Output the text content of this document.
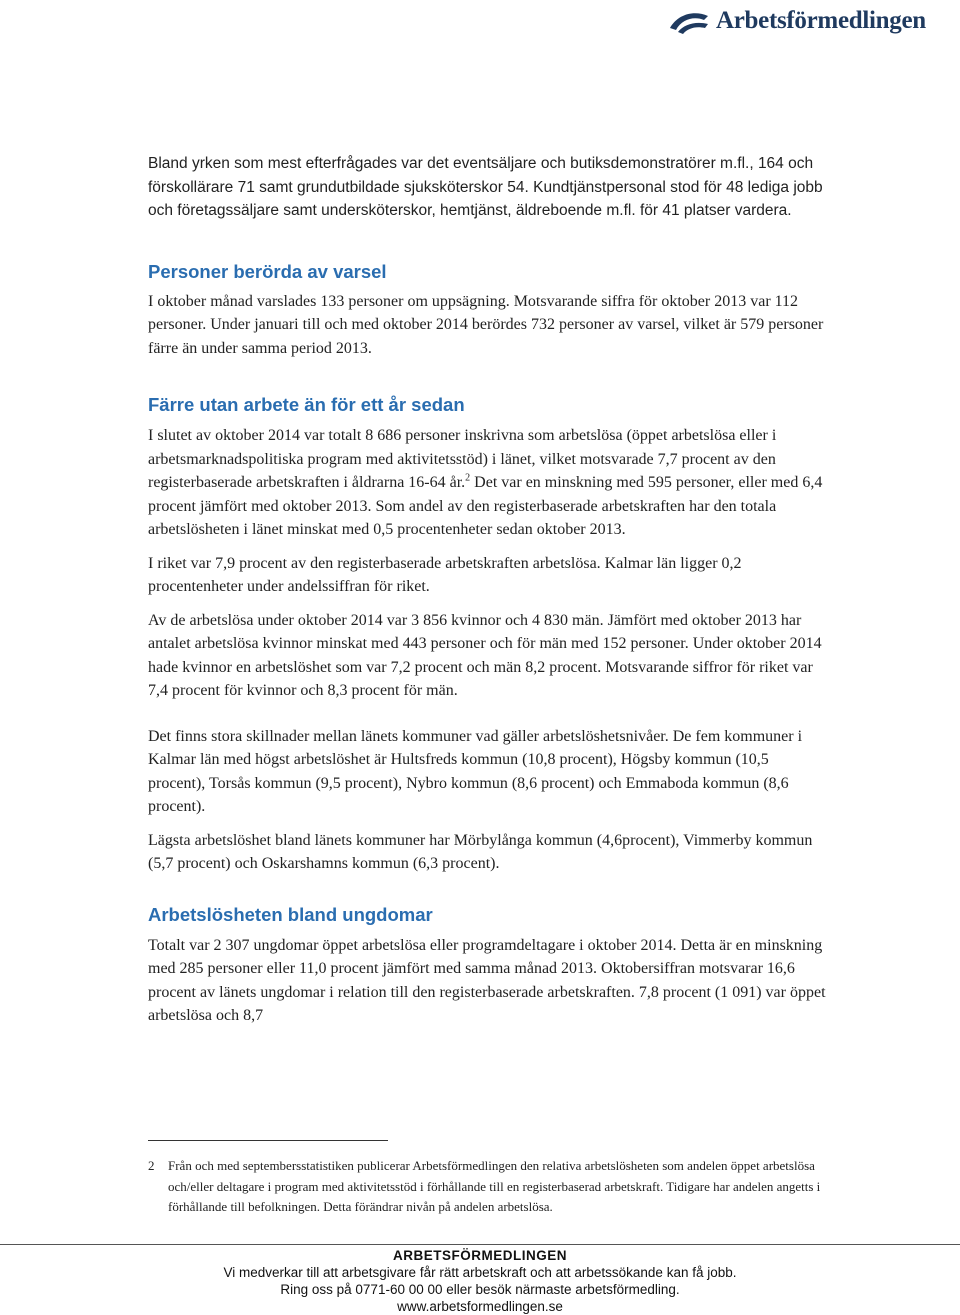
Arbetsförmedlingen

Bland yrken som mest efterfrågades var det eventsäljare och butiksdemonstratörer m.fl., 164 och förskollärare 71 samt grundutbildade sjuksköterskor 54. Kundtjänstpersonal stod för 48 lediga jobb och företagssäljare samt undersköterskor, hemtjänst, äldreboende m.fl. för 41 platser vardera.

Personer berörda av varsel

I oktober månad varslades 133 personer om uppsägning. Motsvarande siffra för oktober 2013 var 112 personer. Under januari till och med oktober 2014 berördes 732 personer av varsel, vilket är 579 personer färre än under samma period 2013.

Färre utan arbete än för ett år sedan

I slutet av oktober 2014 var totalt 8 686 personer inskrivna som arbetslösa (öppet arbetslösa eller i arbetsmarknadspolitiska program med aktivitetsstöd) i länet, vilket motsvarade 7,7 procent av den registerbaserade arbetskraften i åldrarna 16-64 år.$^2$ Det var en minskning med 595 personer, eller med 6,4 procent jämfört med oktober 2013. Som andel av den registerbaserade arbetskraften har den totala arbetslösheten i länet minskat med 0,5 procentenheter sedan oktober 2013.

I riket var 7,9 procent av den registerbaserade arbetskraften arbetslösa. Kalmar län ligger 0,2 procentenheter under andelssiffran för riket.

Av de arbetslösa under oktober 2014 var 3 856 kvinnor och 4 830 män. Jämfört med oktober 2013 har antalet arbetslösa kvinnor minskat med 443 personer och för män med 152 personer. Under oktober 2014 hade kvinnor en arbetslöshet som var 7,2 procent och män 8,2 procent. Motsvarande siffror för riket var 7,4 procent för kvinnor och 8,3 procent för män.

Det finns stora skillnader mellan länets kommuner vad gäller arbetslöshetsnivåer. De fem kommuner i Kalmar län med högst arbetslöshet är Hultsfreds kommun (10,8 procent), Högsby kommun (10,5 procent), Torsås kommun (9,5 procent), Nybro kommun (8,6 procent) och Emmaboda kommun (8,6 procent).

Lägsta arbetslöshet bland länets kommuner har Mörbylånga kommun (4,6procent), Vimmerby kommun (5,7 procent) och Oskarshamns kommun (6,3 procent).

Arbetslösheten bland ungdomar

Totalt var 2 307 ungdomar öppet arbetslösa eller programdeltagare i oktober 2014. Detta är en minskning med 285 personer eller 11,0 procent jämfört med samma månad 2013. Oktobersiffran motsvarar 16,6 procent av länets ungdomar i relation till den registerbaserade arbetskraften. 7,8 procent (1 091) var öppet arbetslösa och 8,7

2	Från och med septembersstatistiken publicerar Arbetsförmedlingen den relativa arbetslösheten som andelen öppet arbetslösa och/eller deltagare i program med aktivitetsstöd i förhållande till en registerbaserad arbetskraft. Tidigare har andelen angetts i förhållande till befolkningen. Detta förändrar nivån på andelen arbetslösa.
ARBETSFÖRMEDLINGEN
Vi medverkar till att arbetsgivare får rätt arbetskraft och att arbetssökande kan få jobb.
Ring oss på 0771-60 00 00 eller besök närmaste arbetsförmedling.
www.arbetsformedlingen.se
